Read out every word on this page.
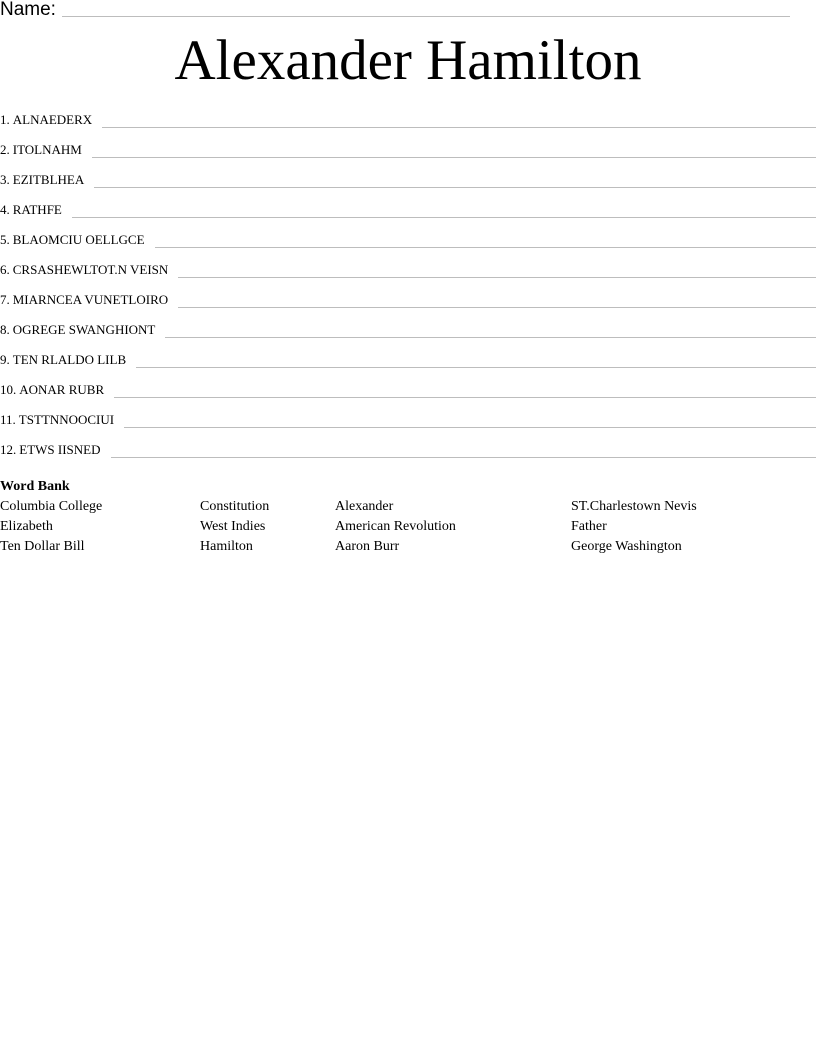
Name:
Alexander Hamilton
1. ALNAEDERX
2. ITOLNAHM
3. EZITBLHEA
4. RATHFE
5. BLAOMCIU OELLGCE
6. CRSASHEWLTOT.N VEISN
7. MIARNCEA VUNETLOIRO
8. OGREGE SWANGHIONT
9. TEN RLALDO LILB
10. AONAR RUBR
11. TSTTNNOOCIUI
12. ETWS IISNED
Word Bank
Columbia College	Constitution	Alexander	ST.Charlestown Nevis
Elizabeth	West Indies	American Revolution	Father
Ten Dollar Bill	Hamilton	Aaron Burr	George Washington
